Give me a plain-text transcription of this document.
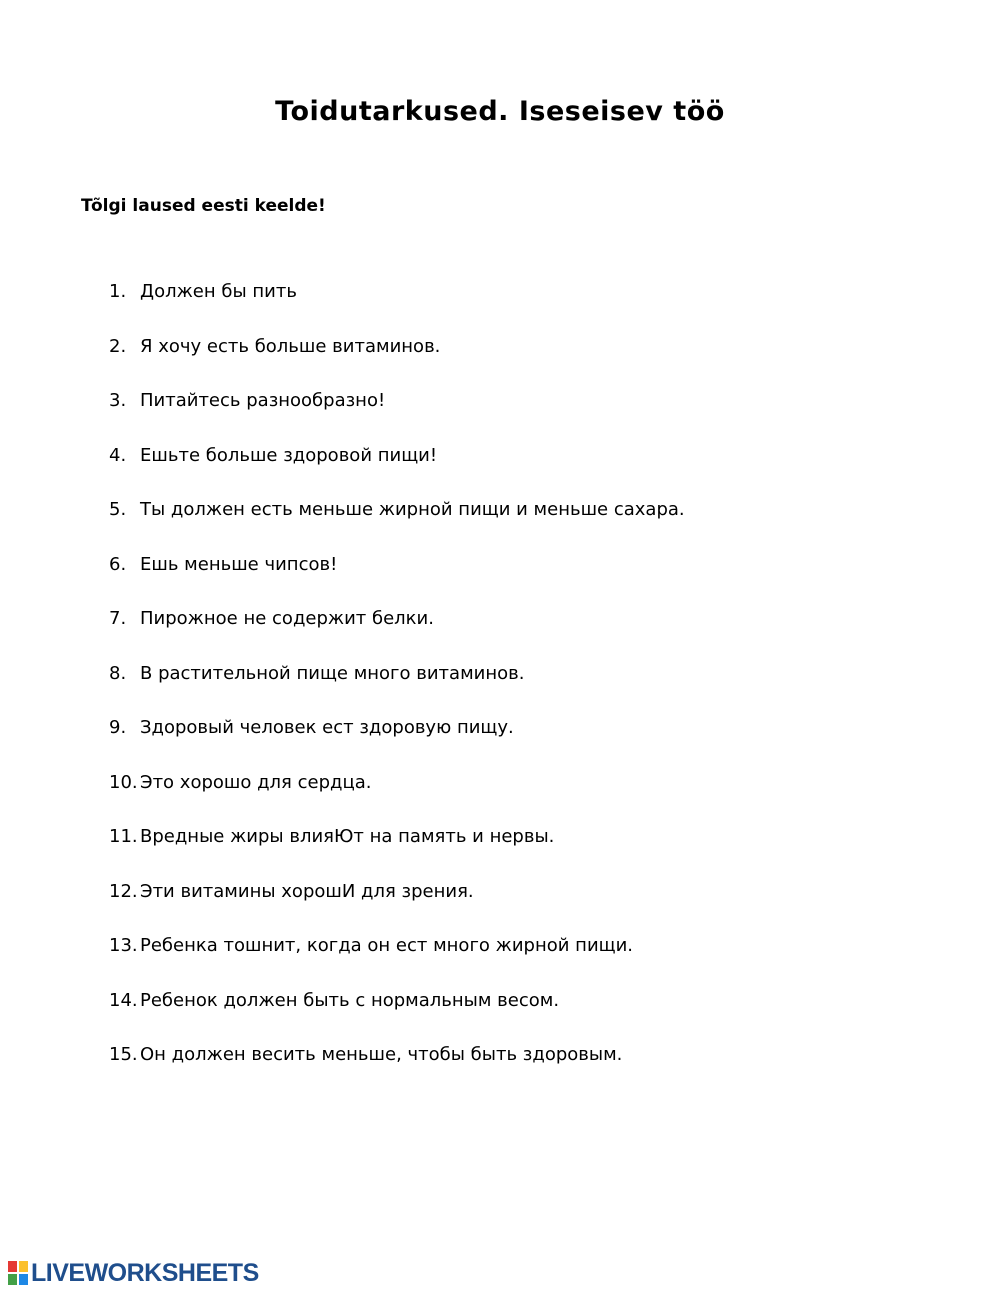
Toidutarkused. Iseseisev töö

Tõlgi laused eesti keelde!

1. Должен бы пить
2. Я хочу есть больше витаминов.
3. Питайтесь разнообразно!
4. Ешьте больше здоровой пищи!
5. Ты должен есть меньше жирной пищи и меньше сахара.
6. Ешь меньше чипсов!
7. Пирожное не содержит белки.
8. В растительной пище много витаминов.
9. Здоровый человек ест здоровую пищу.
10. Это хорошо для сердца.
11. Вредные жиры влияЮт на память и нервы.
12. Эти витамины хорошИ для зрения.
13. Ребенка тошнит, когда он ест много жирной пищи.
14. Ребенок должен быть с нормальным весом.
15. Он должен весить меньше, чтобы быть здоровым.
LIVEWORKSHEETS
